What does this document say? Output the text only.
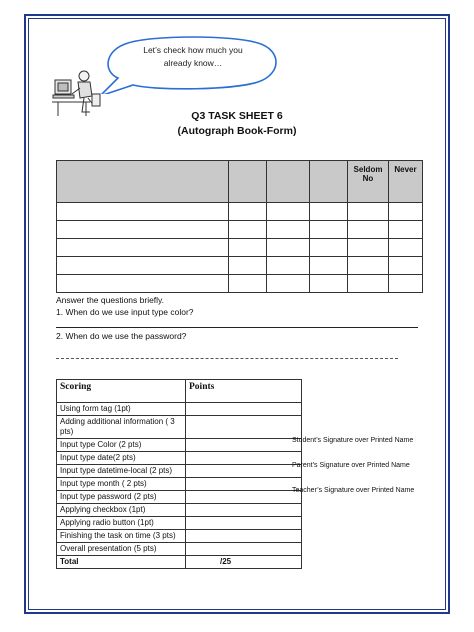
Let’s check how much you
already know…
Q3 TASK SHEET 6
(Autograph Book-Form)
				Seldom No	Never

Answer the questions briefly.
1. When do we use input type color?
2. When do we use the password?
Scoring	Points
Using form tag (1pt)	
Adding additional information ( 3 pts)	
Input type Color (2 pts)	
Input type date(2 pts)	
Input type datetime-local (2 pts)	
Input type month ( 2 pts)	
Input type password (2 pts)	
Applying checkbox (1pt)	
Applying radio button (1pt)	
Finishing the task on time (3 pts)	
Overall presentation (5 pts)	
Total	/25
Student’s Signature over Printed Name
Parent’s Signature over Printed Name
Teacher’s Signature over Printed Name
